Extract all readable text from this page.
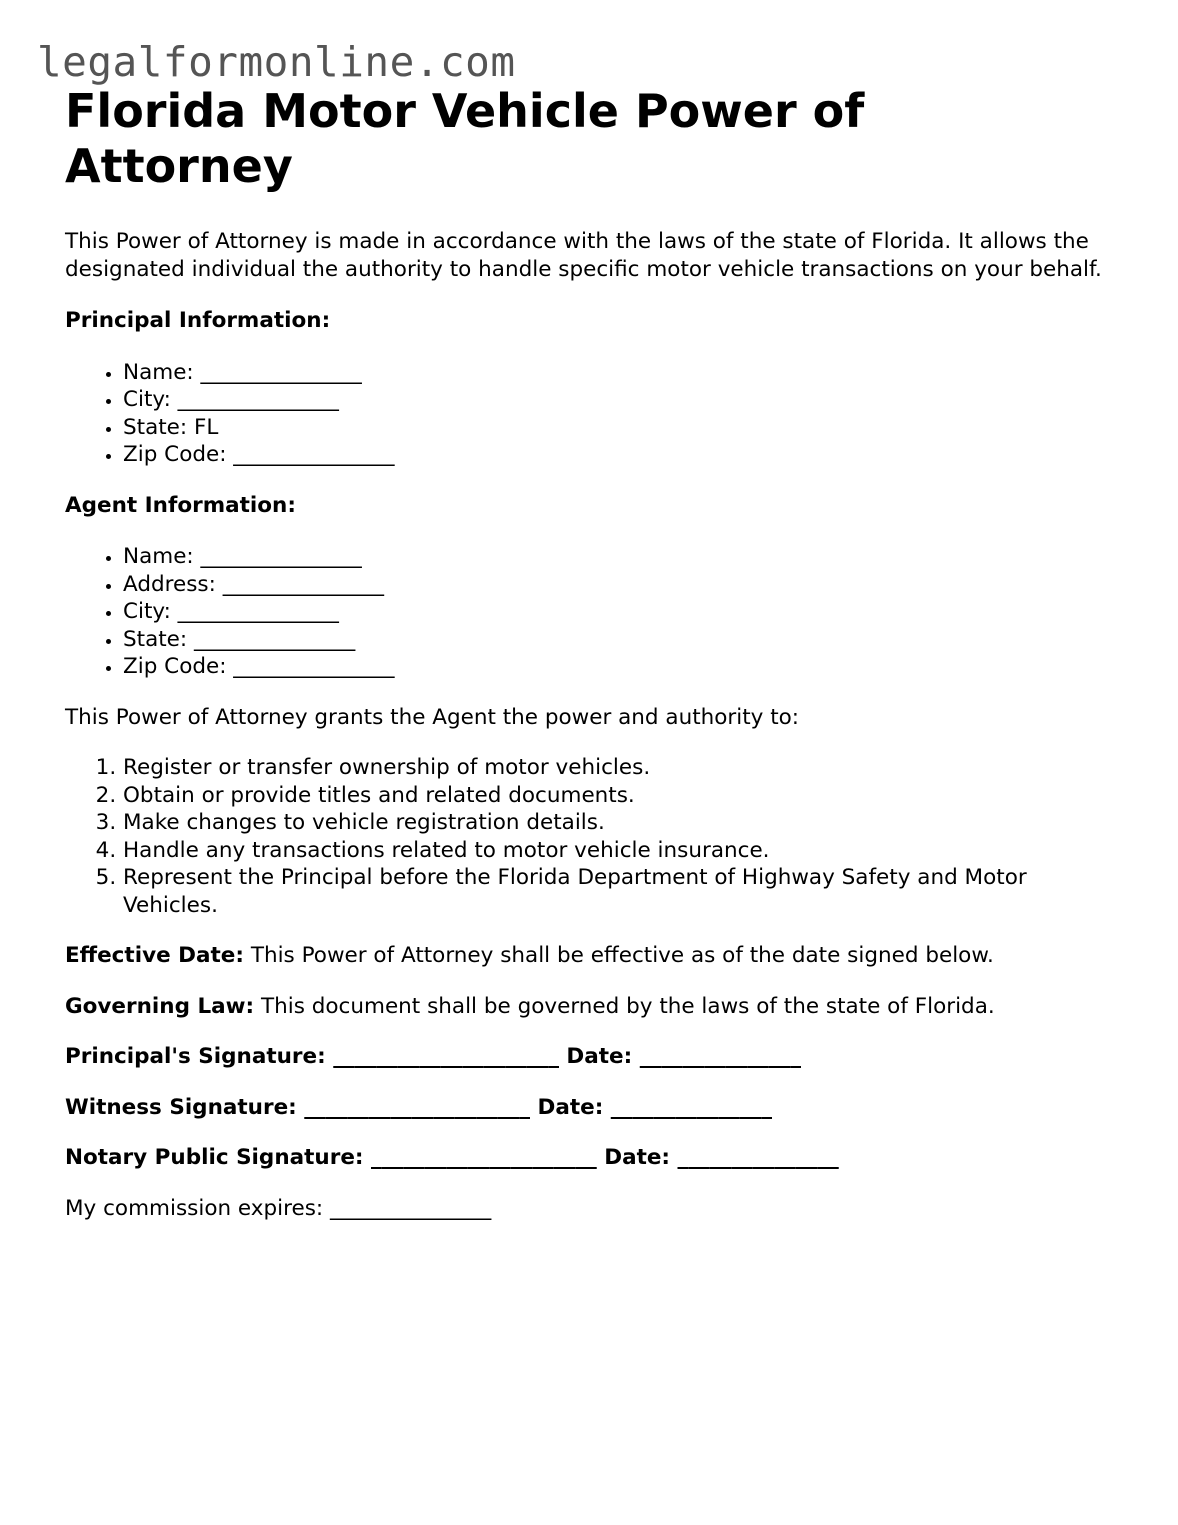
legalformonline.com
Florida Motor Vehicle Power of Attorney

This Power of Attorney is made in accordance with the laws of the state of Florida. It allows the designated individual the authority to handle specific motor vehicle transactions on your behalf.

Principal Information:

• Name: _______________
• City: _______________
• State: FL
• Zip Code: _______________

Agent Information:

• Name: _______________
• Address: _______________
• City: _______________
• State: _______________
• Zip Code: _______________

This Power of Attorney grants the Agent the power and authority to:

1. Register or transfer ownership of motor vehicles.
2. Obtain or provide titles and related documents.
3. Make changes to vehicle registration details.
4. Handle any transactions related to motor vehicle insurance.
5. Represent the Principal before the Florida Department of Highway Safety and Motor Vehicles.

Effective Date: This Power of Attorney shall be effective as of the date signed below.

Governing Law: This document shall be governed by the laws of the state of Florida.

Principal's Signature: _____________________ Date: _______________

Witness Signature: _____________________ Date: _______________

Notary Public Signature: _____________________ Date: _______________

My commission expires: _______________
